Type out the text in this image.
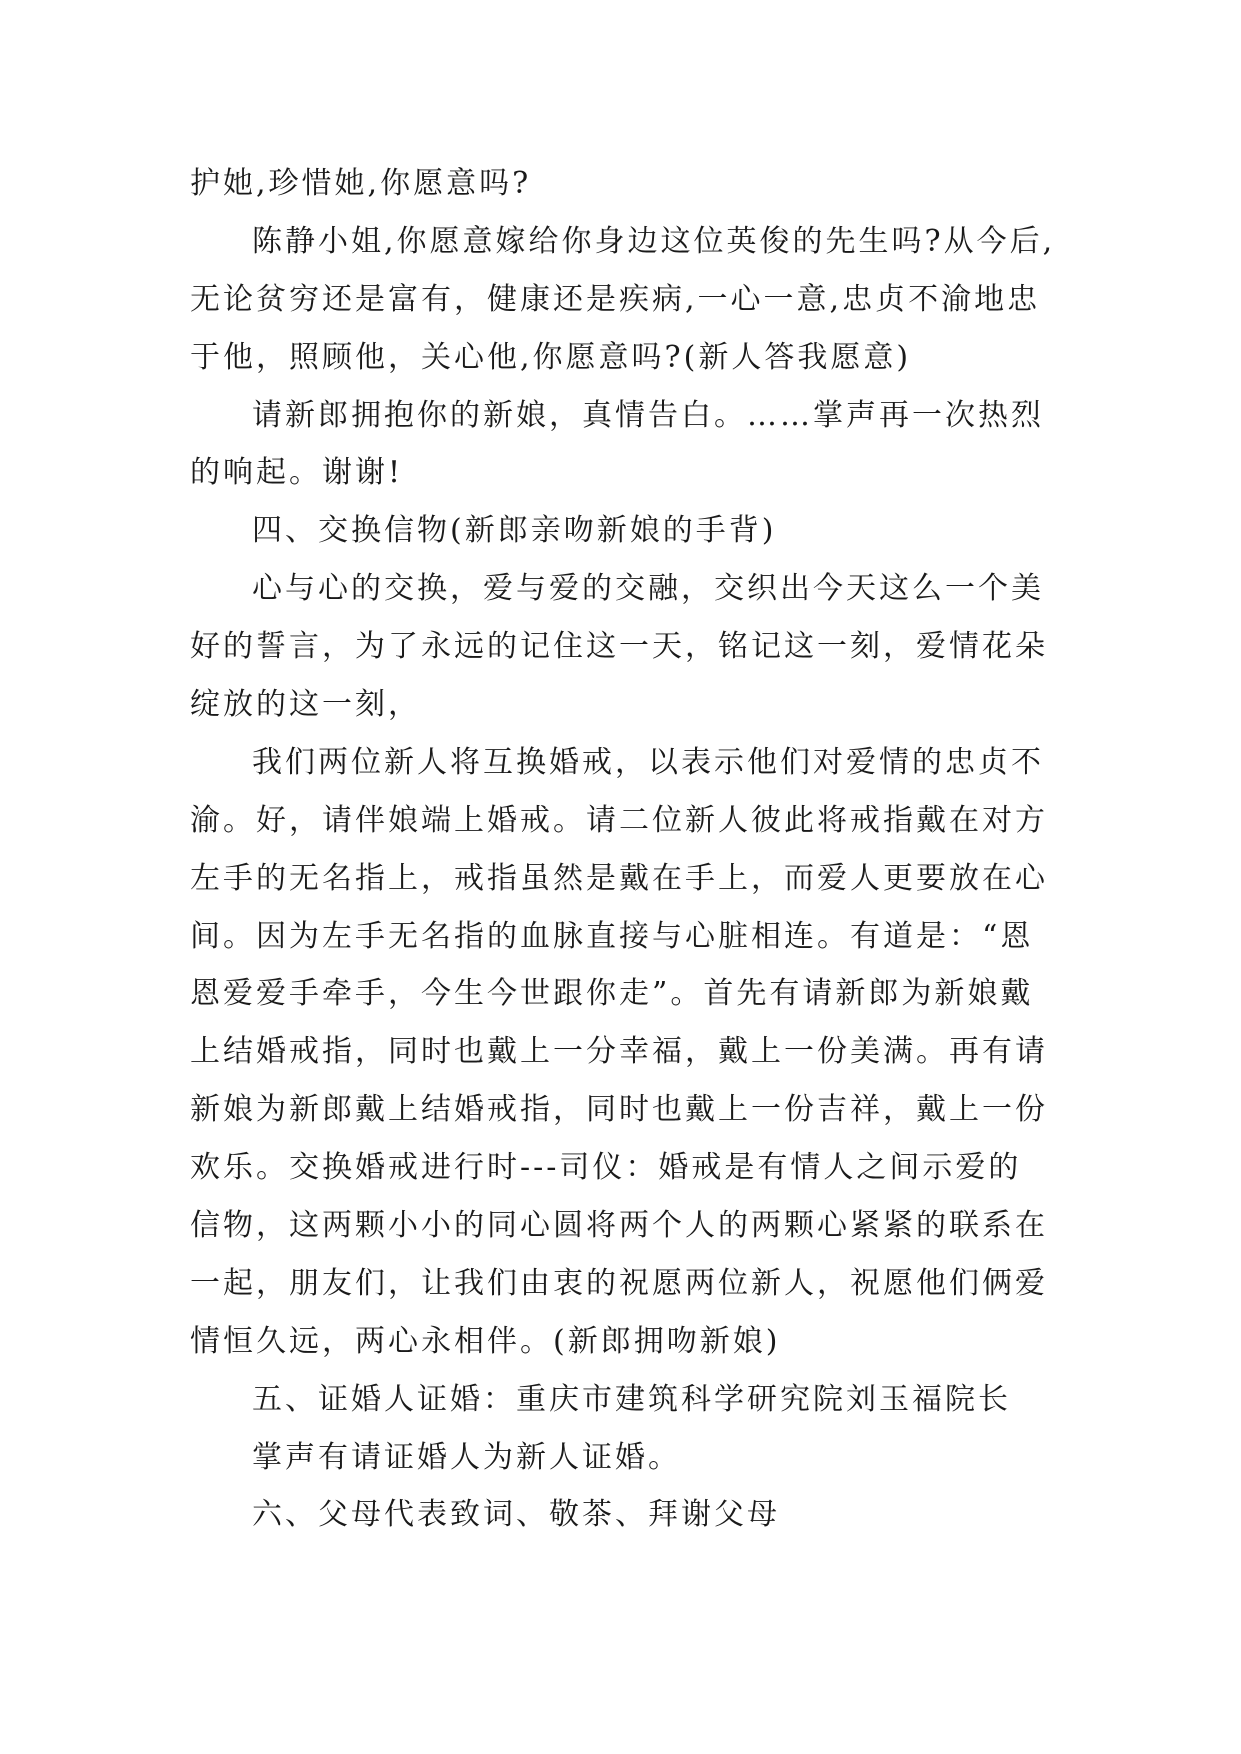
护她,珍惜她,你愿意吗?
陈静小姐,你愿意嫁给你身边这位英俊的先生吗?从今后,
无论贫穷还是富有，健康还是疾病,一心一意,忠贞不渝地忠
于他，照顾他，关心他,你愿意吗?(新人答我愿意)
请新郎拥抱你的新娘，真情告白。……掌声再一次热烈
的响起。谢谢!
四、交换信物(新郎亲吻新娘的手背)
心与心的交换，爱与爱的交融，交织出今天这么一个美
好的誓言，为了永远的记住这一天，铭记这一刻，爱情花朵
绽放的这一刻，
我们两位新人将互换婚戒，以表示他们对爱情的忠贞不
渝。好，请伴娘端上婚戒。请二位新人彼此将戒指戴在对方
左手的无名指上，戒指虽然是戴在手上，而爱人更要放在心
间。因为左手无名指的血脉直接与心脏相连。有道是：“恩
恩爱爱手牵手，今生今世跟你走”。首先有请新郎为新娘戴
上结婚戒指，同时也戴上一分幸福，戴上一份美满。再有请
新娘为新郎戴上结婚戒指，同时也戴上一份吉祥，戴上一份
欢乐。交换婚戒进行时---司仪：婚戒是有情人之间示爱的
信物，这两颗小小的同心圆将两个人的两颗心紧紧的联系在
一起，朋友们，让我们由衷的祝愿两位新人，祝愿他们俩爱
情恒久远，两心永相伴。(新郎拥吻新娘)
五、证婚人证婚：重庆市建筑科学研究院刘玉福院长
掌声有请证婚人为新人证婚。
六、父母代表致词、敬茶、拜谢父母
